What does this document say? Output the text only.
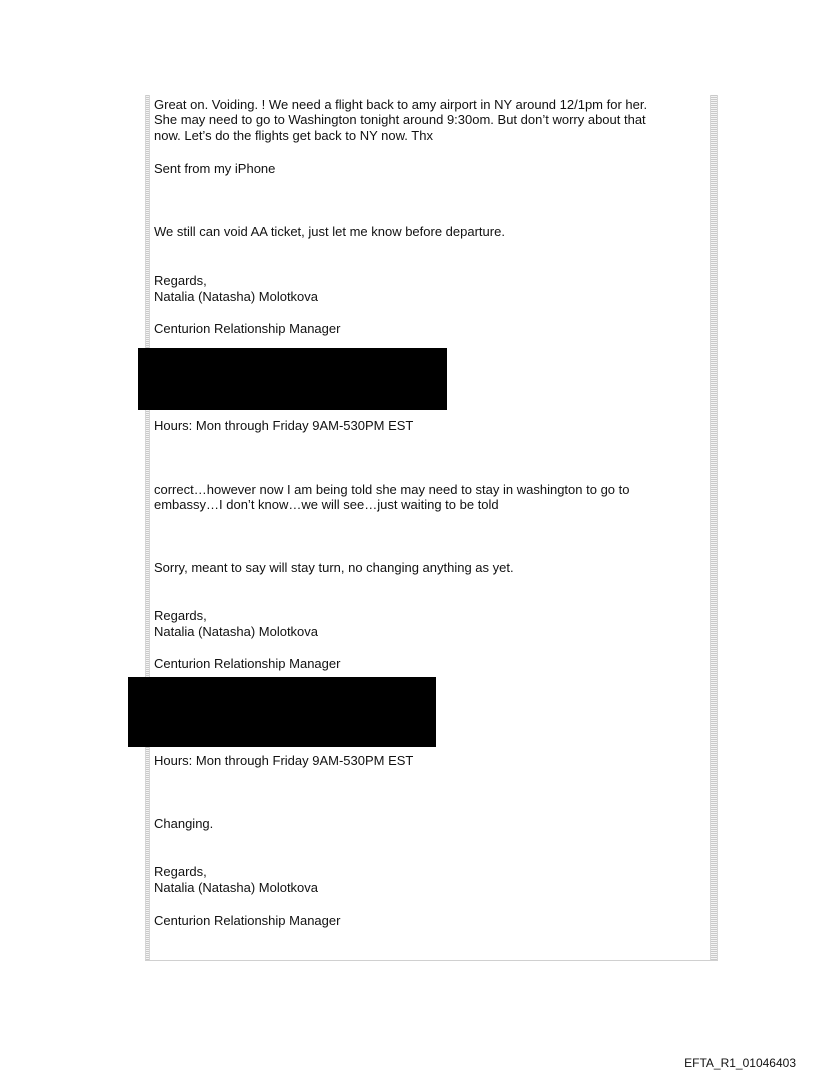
Great on. Voiding. ! We need a flight back to amy airport in NY around 12/1pm for her.

She may need to go to Washington tonight around 9:30om. But don’t worry about that

now. Let’s do the flights get back to NY now. Thx

Sent from my iPhone

We still can void AA ticket, just let me know before departure.

Regards,

Natalia (Natasha) Molotkova

Centurion Relationship Manager

Hours: Mon through Friday 9AM-530PM EST

correct…however now I am being told she may need to stay in washington to go to

embassy…I don’t know…we will see…just waiting to be told

Sorry, meant to say will stay turn, no changing anything as yet.

Regards,

Natalia (Natasha) Molotkova

Centurion Relationship Manager

Hours: Mon through Friday 9AM-530PM EST

Changing.

Regards,

Natalia (Natasha) Molotkova

Centurion Relationship Manager

EFTA_R1_01046403
